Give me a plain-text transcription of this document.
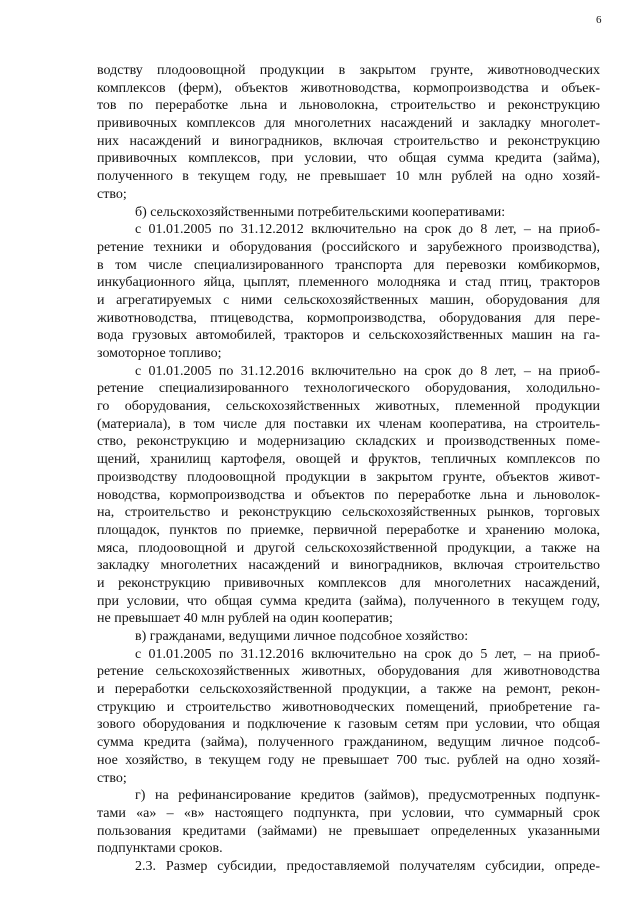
6
водству плодоовощной продукции в закрытом грунте, животноводческих
комплексов (ферм), объектов животноводства, кормопроизводства и объек-
тов по переработке льна и льноволокна, строительство и реконструкцию
прививочных комплексов для многолетних насаждений и закладку многолет-
них насаждений и виноградников, включая строительство и реконструкцию
прививочных комплексов, при условии, что общая сумма кредита (займа),
полученного в текущем году, не превышает 10 млн рублей на одно хозяй-
ство;
б) сельскохозяйственными потребительскими кооперативами:
с 01.01.2005 по 31.12.2012 включительно на срок до 8 лет, – на приоб-
ретение техники и оборудования (российского и зарубежного производства),
в том числе специализированного транспорта для перевозки комбикормов,
инкубационного яйца, цыплят, племенного молодняка и стад птиц, тракторов
и агрегатируемых с ними сельскохозяйственных машин, оборудования для
животноводства, птицеводства, кормопроизводства, оборудования для пере-
вода грузовых автомобилей, тракторов и сельскохозяйственных машин на га-
зомоторное топливо;
с 01.01.2005 по 31.12.2016 включительно на срок до 8 лет, – на приоб-
ретение специализированного технологического оборудования, холодильно-
го оборудования, сельскохозяйственных животных, племенной продукции
(материала), в том числе для поставки их членам кооператива, на строитель-
ство, реконструкцию и модернизацию складских и производственных поме-
щений, хранилищ картофеля, овощей и фруктов, тепличных комплексов по
производству плодоовощной продукции в закрытом грунте, объектов живот-
новодства, кормопроизводства и объектов по переработке льна и льноволок-
на, строительство и реконструкцию сельскохозяйственных рынков, торговых
площадок, пунктов по приемке, первичной переработке и хранению молока,
мяса, плодоовощной и другой сельскохозяйственной продукции, а также на
закладку многолетних насаждений и виноградников, включая строительство
и реконструкцию прививочных комплексов для многолетних насаждений,
при условии, что общая сумма кредита (займа), полученного в текущем году,
не превышает 40 млн рублей на один кооператив;
в) гражданами, ведущими личное подсобное хозяйство:
с 01.01.2005 по 31.12.2016 включительно на срок до 5 лет, – на приоб-
ретение сельскохозяйственных животных, оборудования для животноводства
и переработки сельскохозяйственной продукции, а также на ремонт, рекон-
струкцию и строительство животноводческих помещений, приобретение га-
зового оборудования и подключение к газовым сетям при условии, что общая
сумма кредита (займа), полученного гражданином, ведущим личное подсоб-
ное хозяйство, в текущем году не превышает 700 тыс. рублей на одно хозяй-
ство;
г) на рефинансирование кредитов (займов), предусмотренных подпунк-
тами «а» – «в» настоящего подпункта, при условии, что суммарный срок
пользования кредитами (займами) не превышает определенных указанными
подпунктами сроков.
2.3. Размер субсидии, предоставляемой получателям субсидии, опреде-
